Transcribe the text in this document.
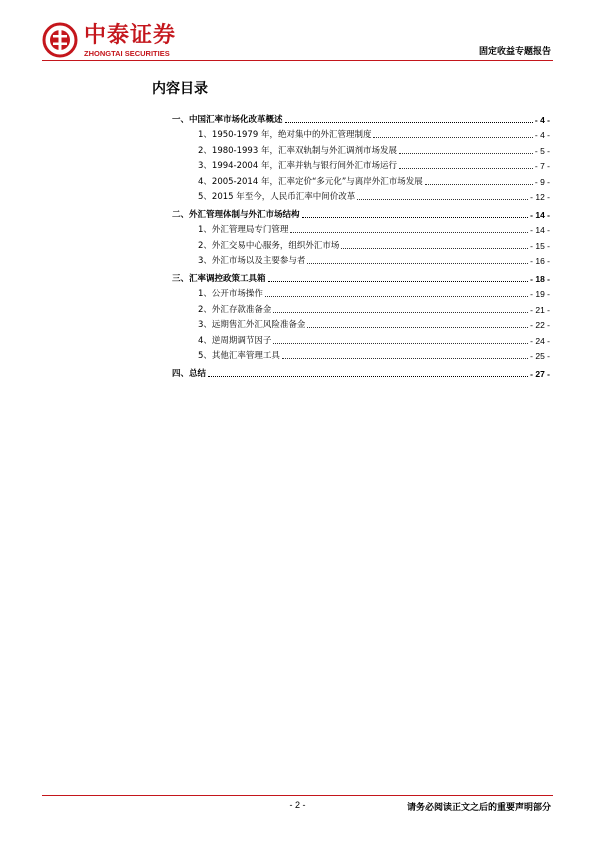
中泰证券
ZHONGTAI SECURITIES	固定收益专题报告
内容目录
一、中国汇率市场化改革概述	- 4 -
1、1950-1979 年，绝对集中的外汇管理制度	- 4 -
2、1980-1993 年，汇率双轨制与外汇调剂市场发展	- 5 -
3、1994-2004 年，汇率并轨与银行间外汇市场运行	- 7 -
4、2005-2014 年，汇率定价“多元化”与离岸外汇市场发展	- 9 -
5、2015 年至今，人民币汇率中间价改革	- 12 -
二、外汇管理体制与外汇市场结构	- 14 -
1、外汇管理局专门管理	- 14 -
2、外汇交易中心服务，组织外汇市场	- 15 -
3、外汇市场以及主要参与者	- 16 -
三、汇率调控政策工具箱	- 18 -
1、公开市场操作	- 19 -
2、外汇存款准备金	- 21 -
3、远期售汇外汇风险准备金	- 22 -
4、逆周期调节因子	- 24 -
5、其他汇率管理工具	- 25 -
四、总结	- 27 -
- 2 -	请务必阅读正文之后的重要声明部分
